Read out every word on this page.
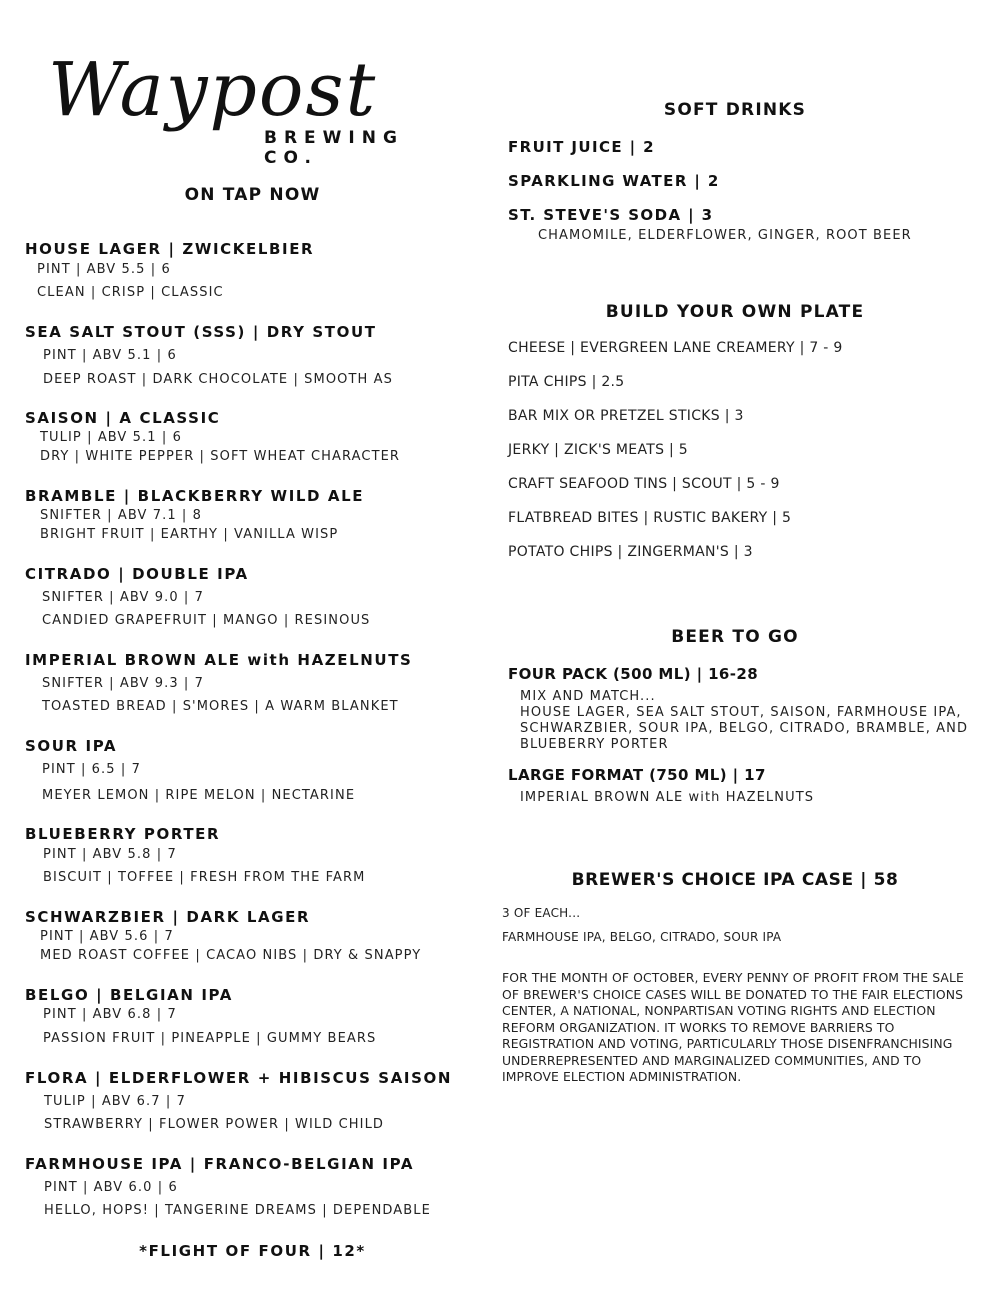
Waypost
BREWING CO.
ON TAP NOW
HOUSE LAGER | ZWICKELBIER
PINT | ABV 5.5 | 6
CLEAN | CRISP | CLASSIC
SEA SALT STOUT (SSS) | DRY STOUT
PINT | ABV 5.1 | 6
DEEP ROAST | DARK CHOCOLATE | SMOOTH AS
SAISON | A CLASSIC
TULIP | ABV 5.1 | 6
DRY | WHITE PEPPER | SOFT WHEAT CHARACTER
BRAMBLE | BLACKBERRY WILD ALE
SNIFTER | ABV 7.1 | 8
BRIGHT FRUIT | EARTHY | VANILLA WISP
CITRADO | DOUBLE IPA
SNIFTER | ABV 9.0 | 7
CANDIED GRAPEFRUIT | MANGO | RESINOUS
IMPERIAL BROWN ALE with HAZELNUTS
SNIFTER | ABV 9.3 | 7
TOASTED BREAD | S'MORES | A WARM BLANKET
SOUR IPA
PINT | 6.5 | 7
MEYER LEMON | RIPE MELON | NECTARINE
BLUEBERRY PORTER
PINT | ABV 5.8 | 7
BISCUIT | TOFFEE | FRESH FROM THE FARM
SCHWARZBIER | DARK LAGER
PINT | ABV 5.6 | 7
MED ROAST COFFEE | CACAO NIBS | DRY & SNAPPY
BELGO | BELGIAN IPA
PINT | ABV 6.8 | 7
PASSION FRUIT | PINEAPPLE | GUMMY BEARS
FLORA | ELDERFLOWER + HIBISCUS SAISON
TULIP | ABV 6.7 | 7
STRAWBERRY | FLOWER POWER | WILD CHILD
FARMHOUSE IPA | FRANCO-BELGIAN IPA
PINT | ABV 6.0 | 6
HELLO, HOPS! | TANGERINE DREAMS | DEPENDABLE
*FLIGHT OF FOUR | 12*
SOFT DRINKS
FRUIT JUICE | 2
SPARKLING WATER | 2
ST. STEVE'S SODA | 3
CHAMOMILE, ELDERFLOWER, GINGER, ROOT BEER
BUILD YOUR OWN PLATE
CHEESE | EVERGREEN LANE CREAMERY | 7 - 9
PITA CHIPS | 2.5
BAR MIX OR PRETZEL STICKS | 3
JERKY | ZICK'S MEATS | 5
CRAFT SEAFOOD TINS | SCOUT | 5 - 9
FLATBREAD BITES | RUSTIC BAKERY | 5
POTATO CHIPS | ZINGERMAN'S | 3
BEER TO GO
FOUR PACK (500 ML) | 16-28
MIX AND MATCH...
HOUSE LAGER, SEA SALT STOUT, SAISON, FARMHOUSE IPA,
SCHWARZBIER, SOUR IPA, BELGO, CITRADO, BRAMBLE, AND
BLUEBERRY PORTER
LARGE FORMAT (750 ML) | 17
IMPERIAL BROWN ALE with HAZELNUTS
BREWER'S CHOICE IPA CASE | 58
3 OF EACH...
FARMHOUSE IPA, BELGO, CITRADO, SOUR IPA
FOR THE MONTH OF OCTOBER, EVERY PENNY OF PROFIT FROM THE SALE OF BREWER'S CHOICE CASES WILL BE DONATED TO THE FAIR ELECTIONS CENTER, A NATIONAL, NONPARTISAN VOTING RIGHTS AND ELECTION REFORM ORGANIZATION. IT WORKS TO REMOVE BARRIERS TO REGISTRATION AND VOTING, PARTICULARLY THOSE DISENFRANCHISING UNDERREPRESENTED AND MARGINALIZED COMMUNITIES, AND TO IMPROVE ELECTION ADMINISTRATION.
